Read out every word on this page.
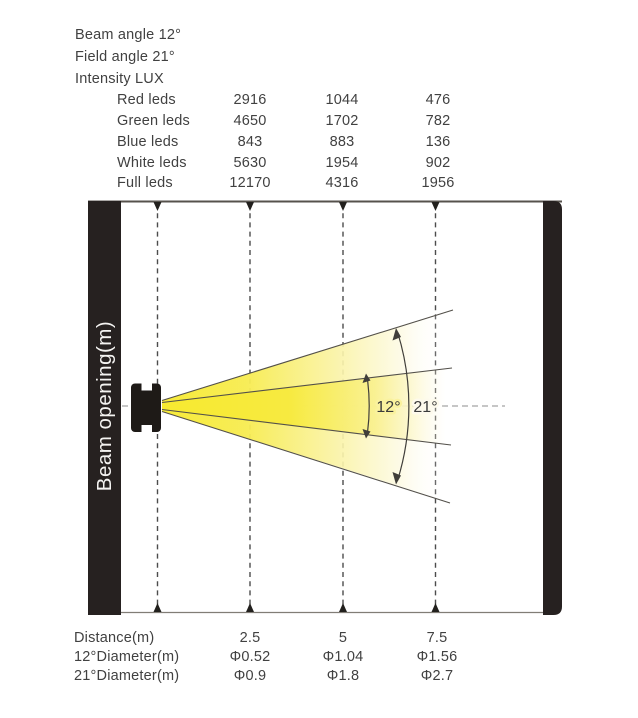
Beam angle 12°
Field angle 21°
Intensity LUX
Red leds	2916	1044	476
Green leds	4650	1702	782
Blue leds	843	883	136
White leds	5630	1954	902
Full leds	12170	4316	1956
12° 21°
Beam opening(m)
Distance(m)	2.5	5	7.5
12°Diameter(m)	Φ0.52	Φ1.04	Φ1.56
21°Diameter(m)	Φ0.9	Φ1.8	Φ2.7
